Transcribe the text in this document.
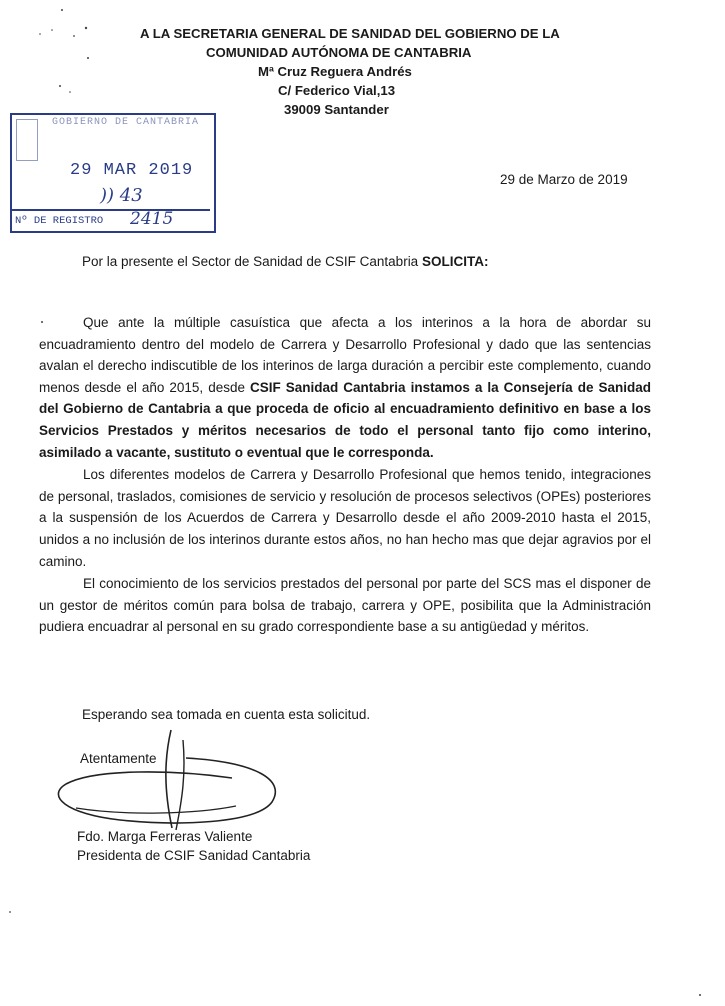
A LA SECRETARIA GENERAL DE SANIDAD DEL GOBIERNO DE LA
COMUNIDAD AUTÓNOMA DE CANTABRIA
Mª Cruz Reguera Andrés
C/ Federico Vial,13
39009 Santander
GOBIERNO DE CANTABRIA
29 MAR 2019
)) 43
Nº DE REGISTRO 2415
29 de Marzo de 2019
Por la presente el Sector de Sanidad de CSIF Cantabria SOLICITA:

Que ante la múltiple casuística que afecta a los interinos a la hora de abordar su encuadramiento dentro del modelo de Carrera y Desarrollo Profesional y dado que las sentencias avalan el derecho indiscutible de los interinos de larga duración a percibir este complemento, cuando menos desde el año 2015, desde CSIF Sanidad Cantabria instamos a la Consejería de Sanidad del Gobierno de Cantabria a que proceda de oficio al encuadramiento definitivo en base a los Servicios Prestados y méritos necesarios de todo el personal tanto fijo como interino, asimilado a vacante, sustituto o eventual que le corresponda.

Los diferentes modelos de Carrera y Desarrollo Profesional que hemos tenido, integraciones de personal, traslados, comisiones de servicio y resolución de procesos selectivos (OPEs) posteriores a la suspensión de los Acuerdos de Carrera y Desarrollo desde el año 2009-2010 hasta el 2015, unidos a no inclusión de los interinos durante estos años, no han hecho mas que dejar agravios por el camino.

El conocimiento de los servicios prestados del personal por parte del SCS mas el disponer de un gestor de méritos común para bolsa de trabajo, carrera y OPE, posibilita que la Administración pudiera encuadrar al personal en su grado correspondiente base a su antigüedad y méritos.

Esperando sea tomada en cuenta esta solicitud.
Atentamente
Fdo. Marga Ferreras Valiente
Presidenta de CSIF Sanidad Cantabria
